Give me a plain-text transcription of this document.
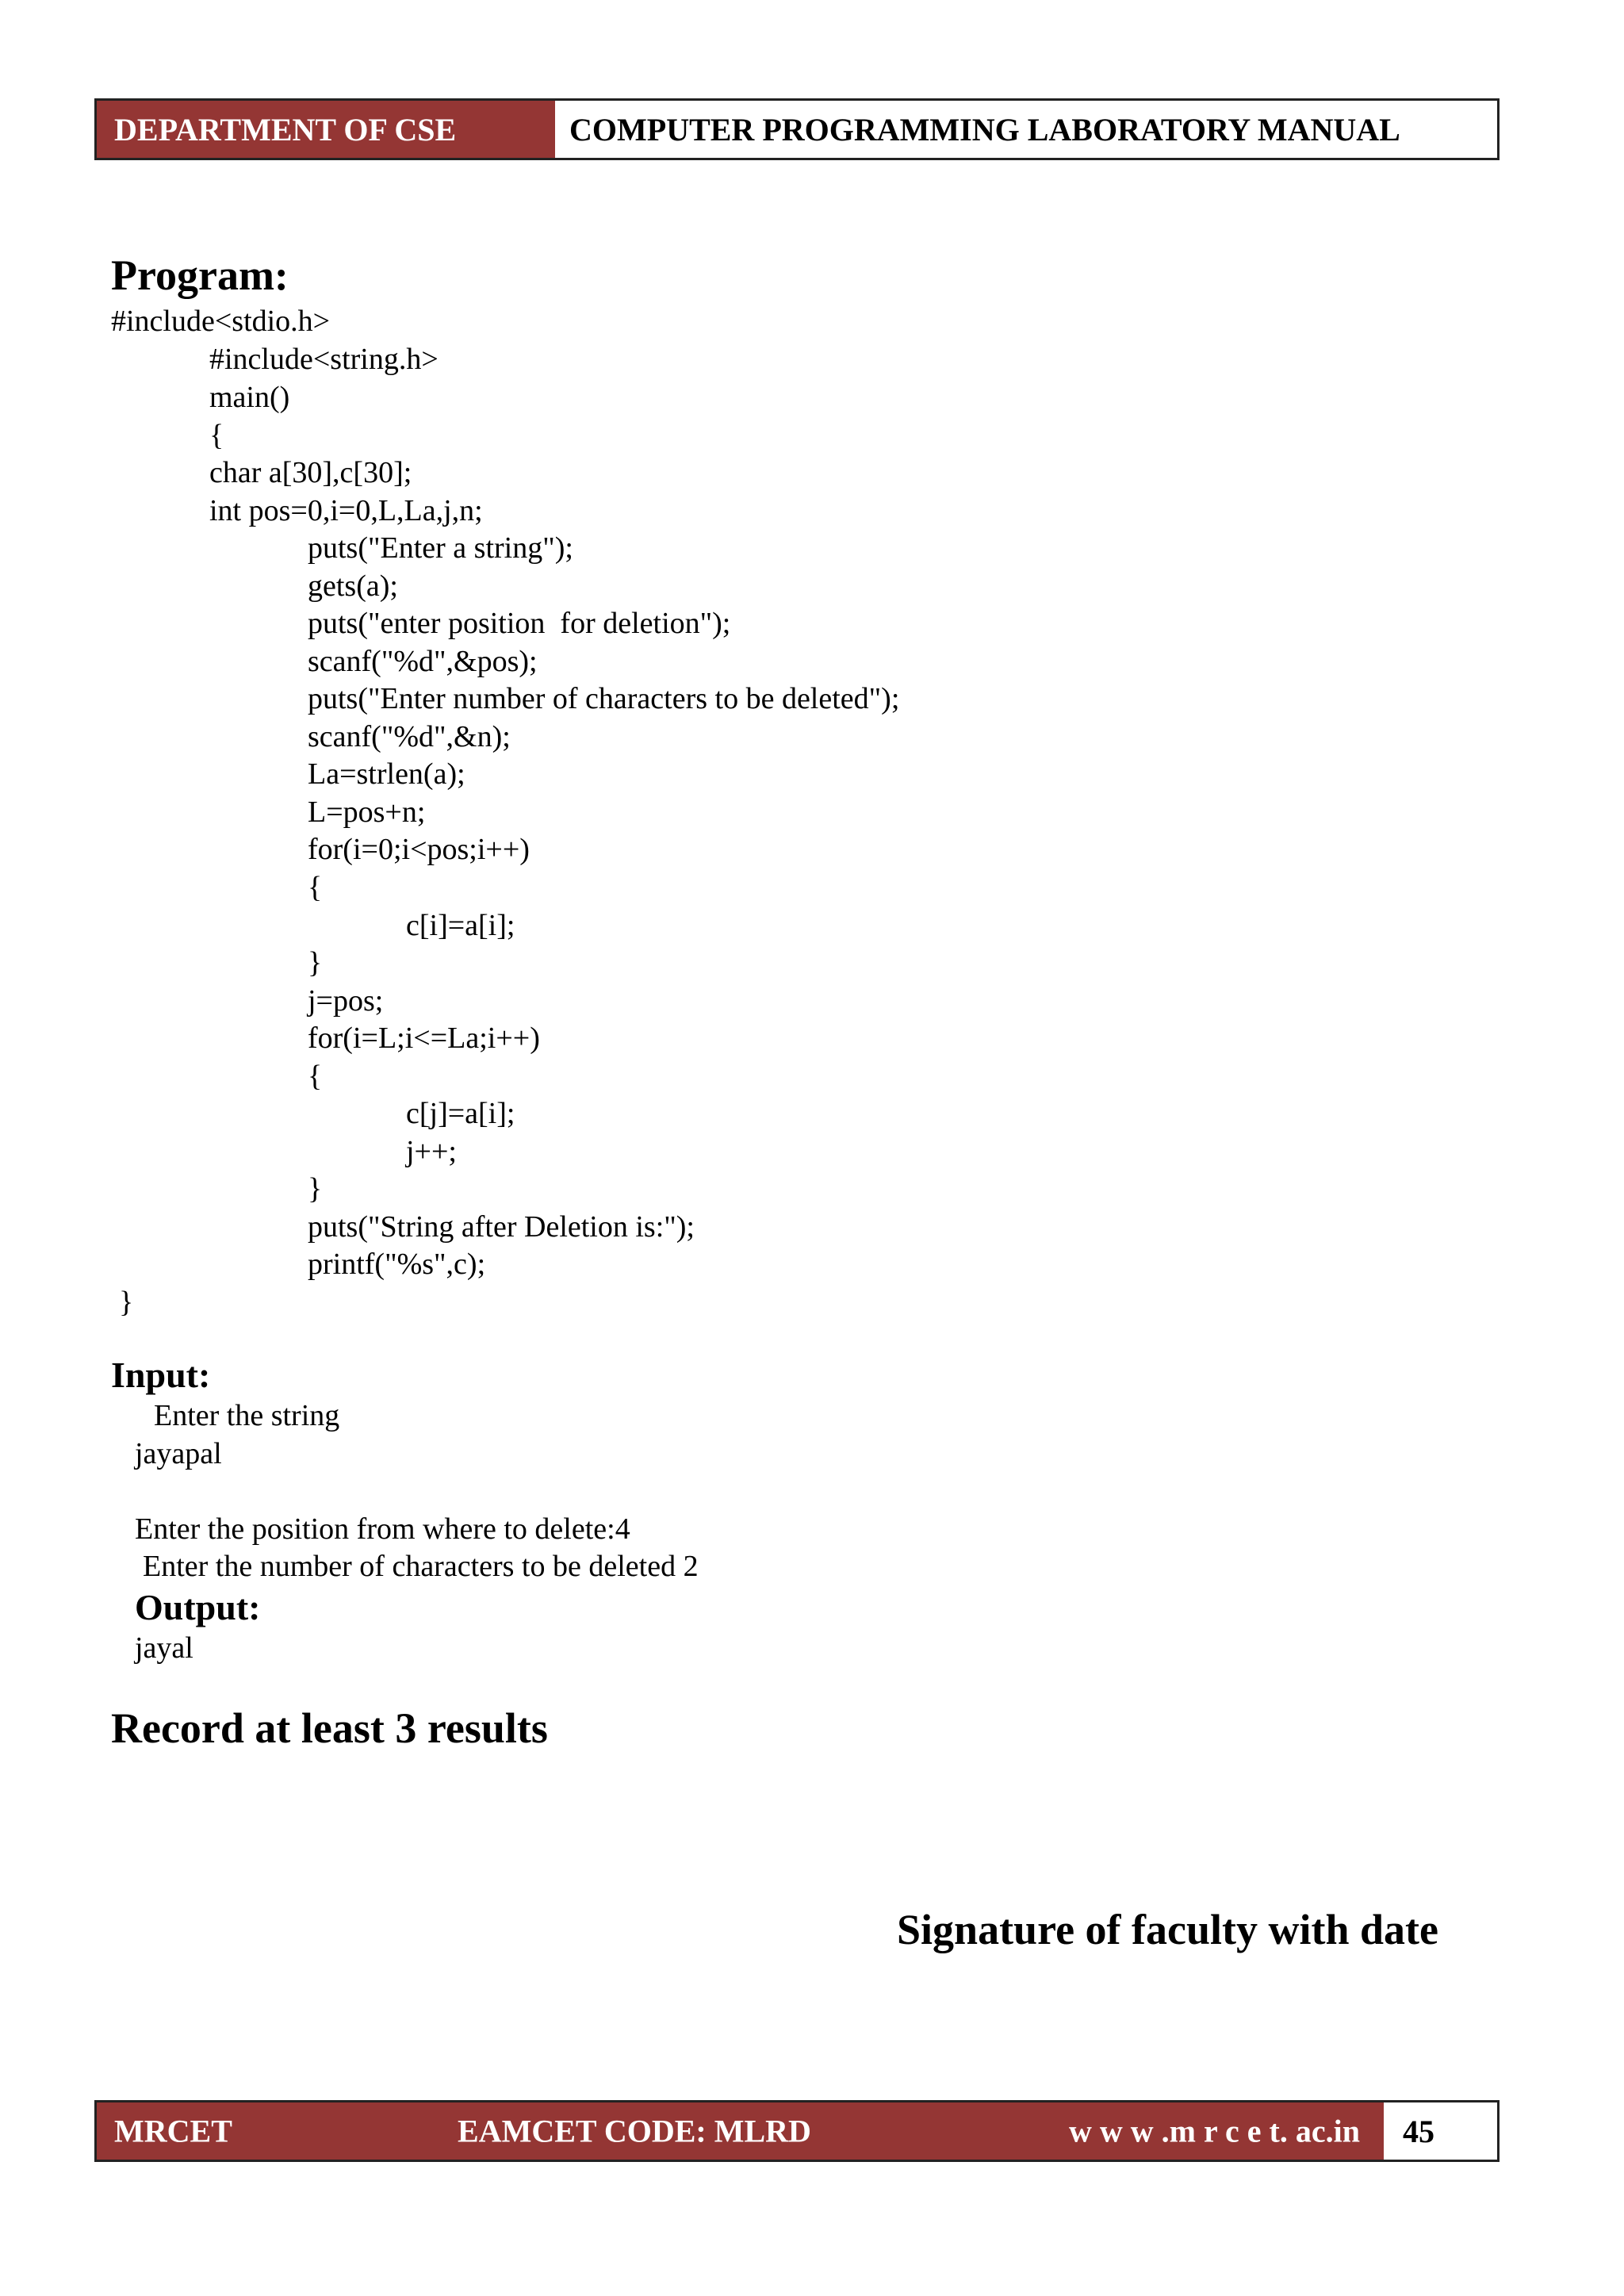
DEPARTMENT OF CSE	COMPUTER PROGRAMMING LABORATORY MANUAL
Program:
#include<stdio.h>
#include<string.h>
main()
{
char a[30],c[30];
int pos=0,i=0,L,La,j,n;
puts("Enter a string");
gets(a);
puts("enter position  for deletion");
scanf("%d",&pos);
puts("Enter number of characters to be deleted");
scanf("%d",&n);
La=strlen(a);
L=pos+n;
for(i=0;i<pos;i++)
{
c[i]=a[i];
}
j=pos;
for(i=L;i<=La;i++)
{
c[j]=a[i];
j++;
}
puts("String after Deletion is:");
printf("%s",c);
}
Input:
Enter the string
jayapal
Enter the position from where to delete:4
Enter the number of characters to be deleted 2
Output:
jayal
Record at least 3 results
Signature of faculty with date
MRCET	EAMCET CODE: MLRD	w w w .m r c e t. ac.in	45
